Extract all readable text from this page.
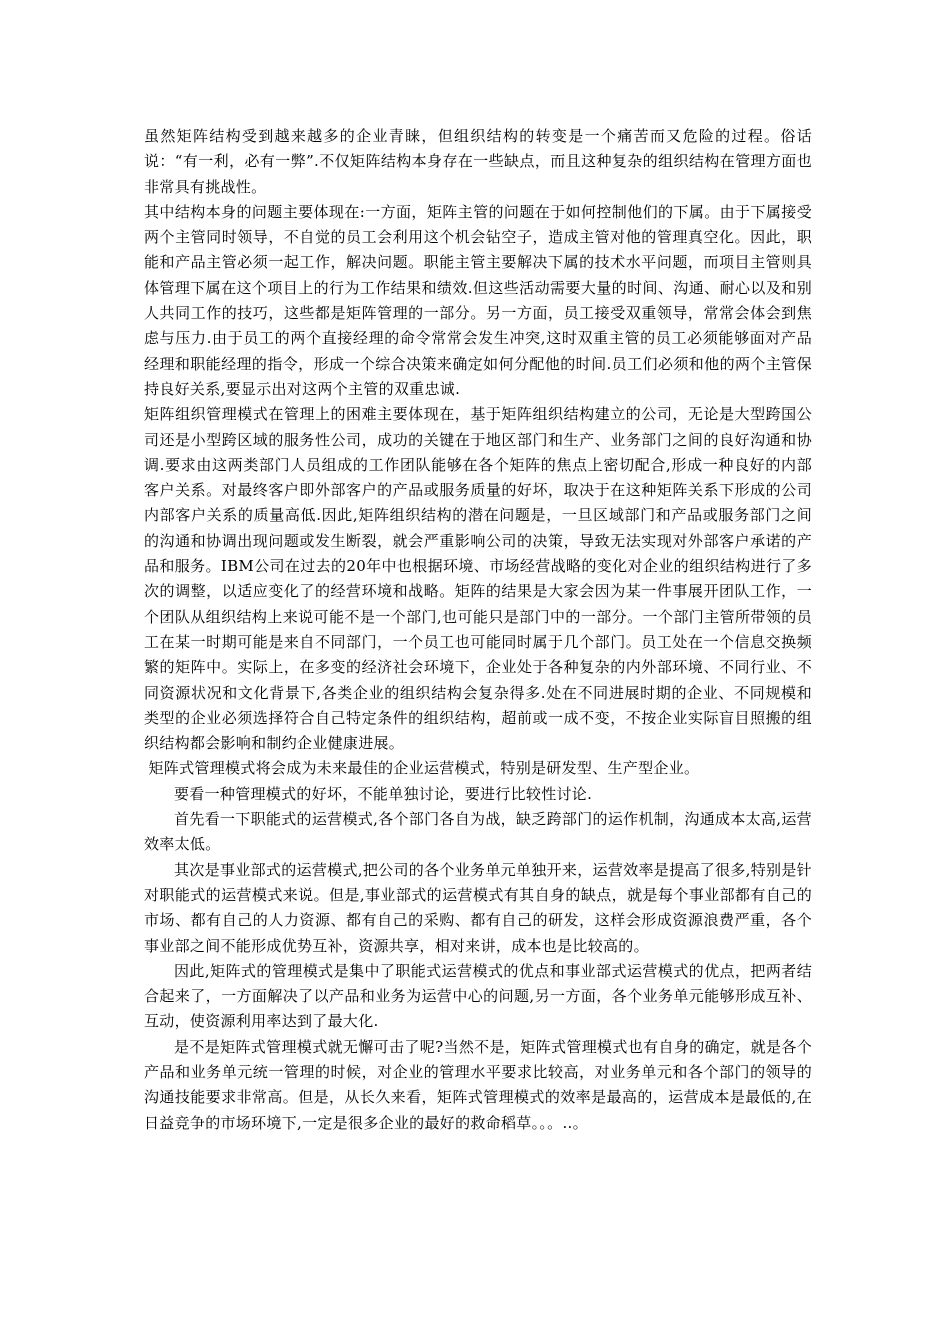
虽然矩阵结构受到越来越多的企业青睐，但组织结构的转变是一个痛苦而又危险的过程。俗话说：“有一利，必有一弊”.不仅矩阵结构本身存在一些缺点，而且这种复杂的组织结构在管理方面也非常具有挑战性。

其中结构本身的问题主要体现在:一方面，矩阵主管的问题在于如何控制他们的下属。由于下属接受两个主管同时领导，不自觉的员工会利用这个机会钻空子，造成主管对他的管理真空化。因此，职能和产品主管必须一起工作，解决问题。职能主管主要解决下属的技术水平问题，而项目主管则具体管理下属在这个项目上的行为工作结果和绩效.但这些活动需要大量的时间、沟通、耐心以及和别人共同工作的技巧，这些都是矩阵管理的一部分。另一方面，员工接受双重领导，常常会体会到焦虑与压力.由于员工的两个直接经理的命令常常会发生冲突,这时双重主管的员工必须能够面对产品经理和职能经理的指令，形成一个综合决策来确定如何分配他的时间.员工们必须和他的两个主管保持良好关系,要显示出对这两个主管的双重忠诚.

矩阵组织管理模式在管理上的困难主要体现在，基于矩阵组织结构建立的公司，无论是大型跨国公司还是小型跨区域的服务性公司，成功的关键在于地区部门和生产、业务部门之间的良好沟通和协调.要求由这两类部门人员组成的工作团队能够在各个矩阵的焦点上密切配合,形成一种良好的内部客户关系。对最终客户即外部客户的产品或服务质量的好坏，取决于在这种矩阵关系下形成的公司内部客户关系的质量高低.因此,矩阵组织结构的潜在问题是，一旦区域部门和产品或服务部门之间的沟通和协调出现问题或发生断裂，就会严重影响公司的决策，导致无法实现对外部客户承诺的产品和服务。IBM公司在过去的20年中也根据环境、市场经营战略的变化对企业的组织结构进行了多次的调整，以适应变化了的经营环境和战略。矩阵的结果是大家会因为某一件事展开团队工作，一个团队从组织结构上来说可能不是一个部门,也可能只是部门中的一部分。一个部门主管所带领的员工在某一时期可能是来自不同部门，一个员工也可能同时属于几个部门。员工处在一个信息交换频繁的矩阵中。实际上，在多变的经济社会环境下，企业处于各种复杂的内外部环境、不同行业、不同资源状况和文化背景下,各类企业的组织结构会复杂得多.处在不同进展时期的企业、不同规模和类型的企业必须选择符合自己特定条件的组织结构，超前或一成不变，不按企业实际盲目照搬的组织结构都会影响和制约企业健康进展。

矩阵式管理模式将会成为未来最佳的企业运营模式，特别是研发型、生产型企业。

要看一种管理模式的好坏，不能单独讨论，要进行比较性讨论.

首先看一下职能式的运营模式,各个部门各自为战，缺乏跨部门的运作机制，沟通成本太高,运营效率太低。

其次是事业部式的运营模式,把公司的各个业务单元单独开来，运营效率是提高了很多,特别是针对职能式的运营模式来说。但是,事业部式的运营模式有其自身的缺点，就是每个事业部都有自己的市场、都有自己的人力资源、都有自己的采购、都有自己的研发，这样会形成资源浪费严重，各个事业部之间不能形成优势互补，资源共享，相对来讲，成本也是比较高的。

因此,矩阵式的管理模式是集中了职能式运营模式的优点和事业部式运营模式的优点，把两者结合起来了，一方面解决了以产品和业务为运营中心的问题,另一方面，各个业务单元能够形成互补、互动，使资源利用率达到了最大化.

是不是矩阵式管理模式就无懈可击了呢?当然不是，矩阵式管理模式也有自身的确定，就是各个产品和业务单元统一管理的时候，对企业的管理水平要求比较高，对业务单元和各个部门的领导的沟通技能要求非常高。但是，从长久来看，矩阵式管理模式的效率是最高的，运营成本是最低的,在日益竞争的市场环境下,一定是很多企业的最好的救命稻草。。。..。
